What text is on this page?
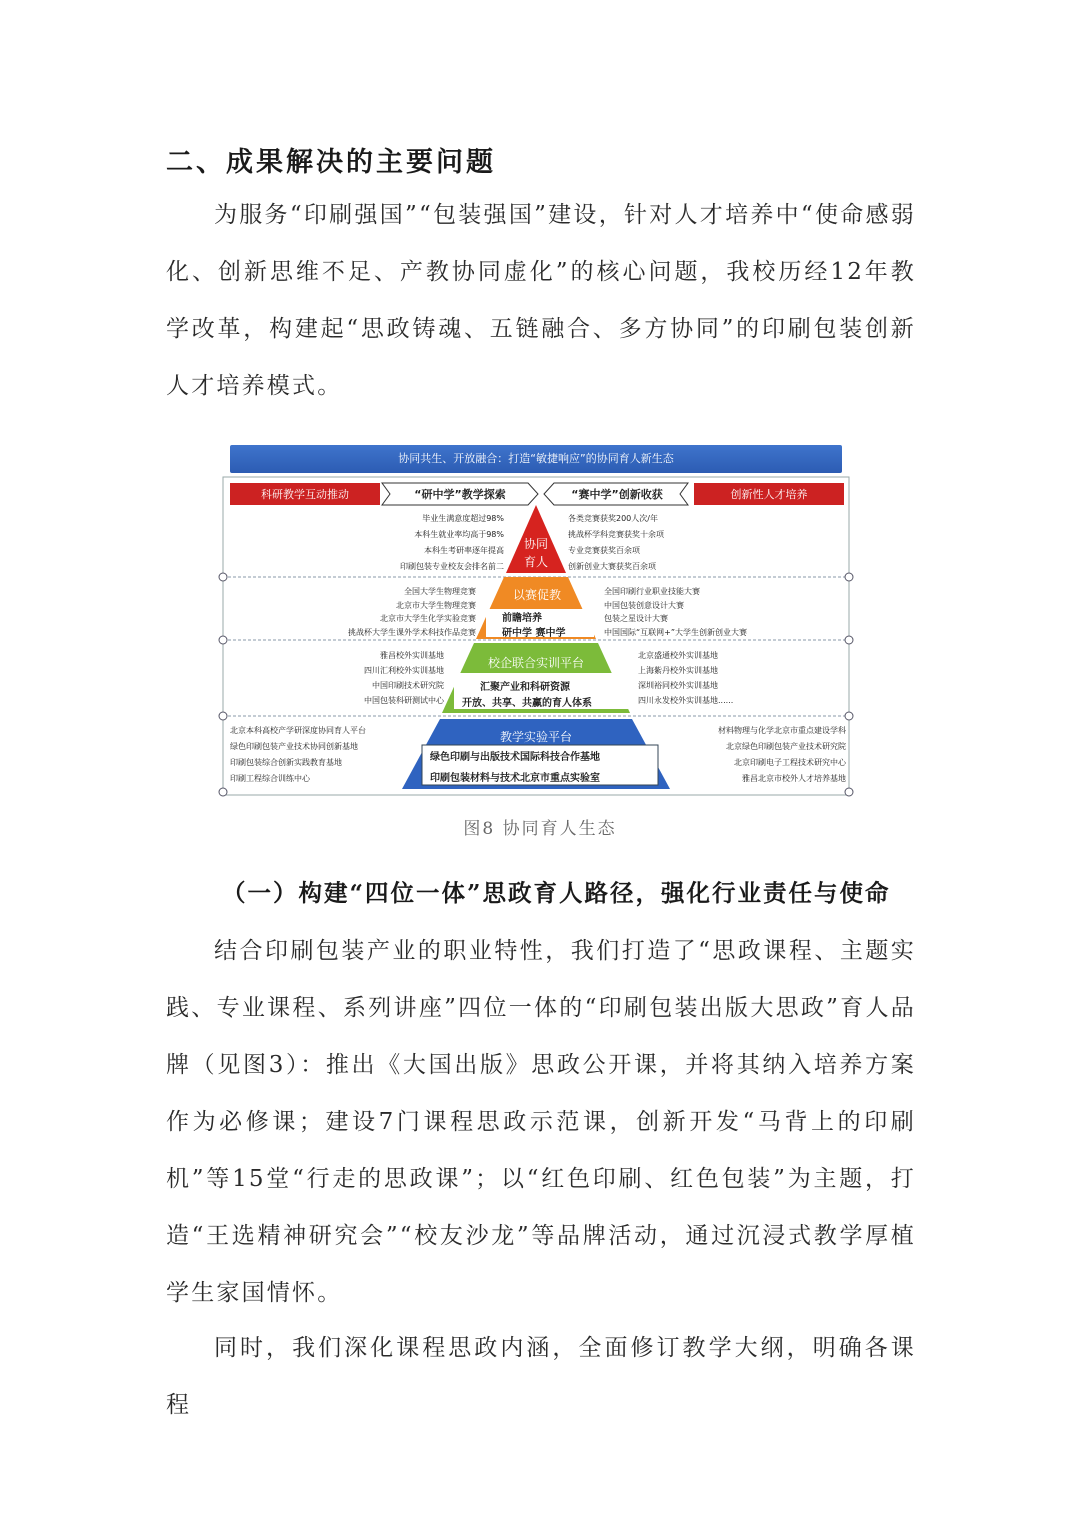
二、成果解决的主要问题

为服务“印刷强国”“包装强国”建设，针对人才培养中“使命感弱化、创新思维不足、产教协同虚化”的核心问题，我校历经12年教学改革，构建起“思政铸魂、五链融合、多方协同”的印刷包装创新人才培养模式。

协同共生、开放融合：打造“敏捷响应”的协同育人新生态
科研教学互动推动	“研中学”教学探索	“赛中学”创新收获	创新性人才培养
协同
育人
以赛促教
前瞻培养
研中学 赛中学
校企联合实训平台
汇聚产业和科研资源
开放、共享、共赢的育人体系
教学实验平台
绿色印刷与出版技术国际科技合作基地
印刷包装材料与技术北京市重点实验室
毕业生满意度超过98%
本科生就业率均高于98%
本科生考研率逐年提高
印刷包装专业校友会排名前二
各类竞赛获奖200人次/年
挑战杯学科竞赛获奖十余项
专业竞赛获奖百余项
创新创业大赛获奖百余项
全国大学生物理竞赛
北京市大学生物理竞赛
北京市大学生化学实验竞赛
挑战杯大学生课外学术科技作品竞赛
全国印刷行业职业技能大赛
中国包装创意设计大赛
包装之星设计大赛
中国国际“互联网+”大学生创新创业大赛
雅昌校外实训基地
四川汇利校外实训基地
中国印刷技术研究院
中国包装科研测试中心
北京盛通校外实训基地
上海紫丹校外实训基地
深圳裕同校外实训基地
四川永发校外实训基地......
北京本科高校产学研深度协同育人平台
绿色印刷包装产业技术协同创新基地
印刷包装综合创新实践教育基地
印刷工程综合训练中心
材料物理与化学北京市重点建设学科
北京绿色印刷包装产业技术研究院
北京印刷电子工程技术研究中心
雅昌北京市校外人才培养基地
图8 协同育人生态
（一）构建“四位一体”思政育人路径，强化行业责任与使命

结合印刷包装产业的职业特性，我们打造了“思政课程、主题实践、专业课程、系列讲座”四位一体的“印刷包装出版大思政”育人品牌（见图3）：推出《大国出版》思政公开课，并将其纳入培养方案作为必修课；建设7门课程思政示范课，创新开发“马背上的印刷机”等15堂“行走的思政课”；以“红色印刷、红色包装”为主题，打造“王选精神研究会”“校友沙龙”等品牌活动，通过沉浸式教学厚植学生家国情怀。

同时，我们深化课程思政内涵，全面修订教学大纲，明确各课程
